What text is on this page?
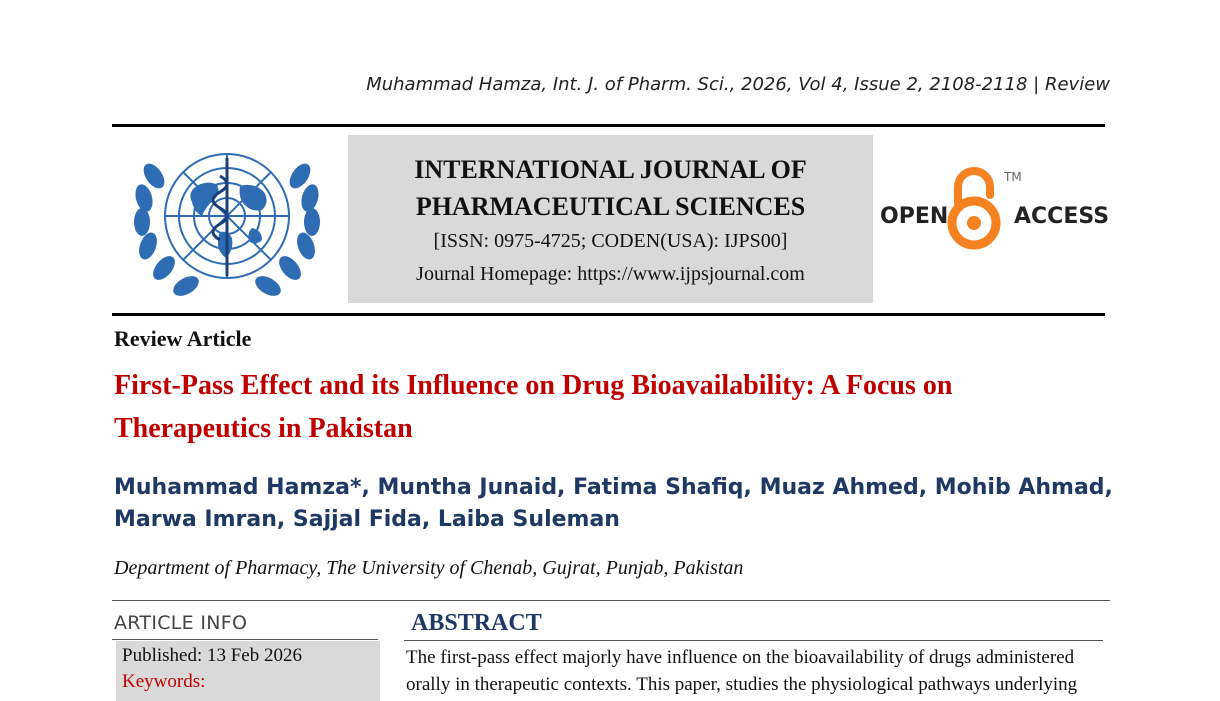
Muhammad Hamza, Int. J. of Pharm. Sci., 2026, Vol 4, Issue 2, 2108-2118 | Review
INTERNATIONAL JOURNAL OF
PHARMACEUTICAL SCIENCES
[ISSN: 0975-4725; CODEN(USA): IJPS00]
Journal Homepage: https://www.ijpsjournal.com
OPEN	ACCESS
TM
Review Article
First-Pass Effect and its Influence on Drug Bioavailability: A Focus on Therapeutics in Pakistan
Muhammad Hamza*, Muntha Junaid, Fatima Shafiq, Muaz Ahmed, Mohib Ahmad,
Marwa Imran, Sajjal Fida, Laiba Suleman
Department of Pharmacy, The University of Chenab, Gujrat, Punjab, Pakistan
ARTICLE INFO
Published: 13 Feb 2026
Keywords:
ABSTRACT
The first-pass effect majorly have influence on the bioavailability of drugs administered
orally in therapeutic contexts. This paper, studies the physiological pathways underlying
